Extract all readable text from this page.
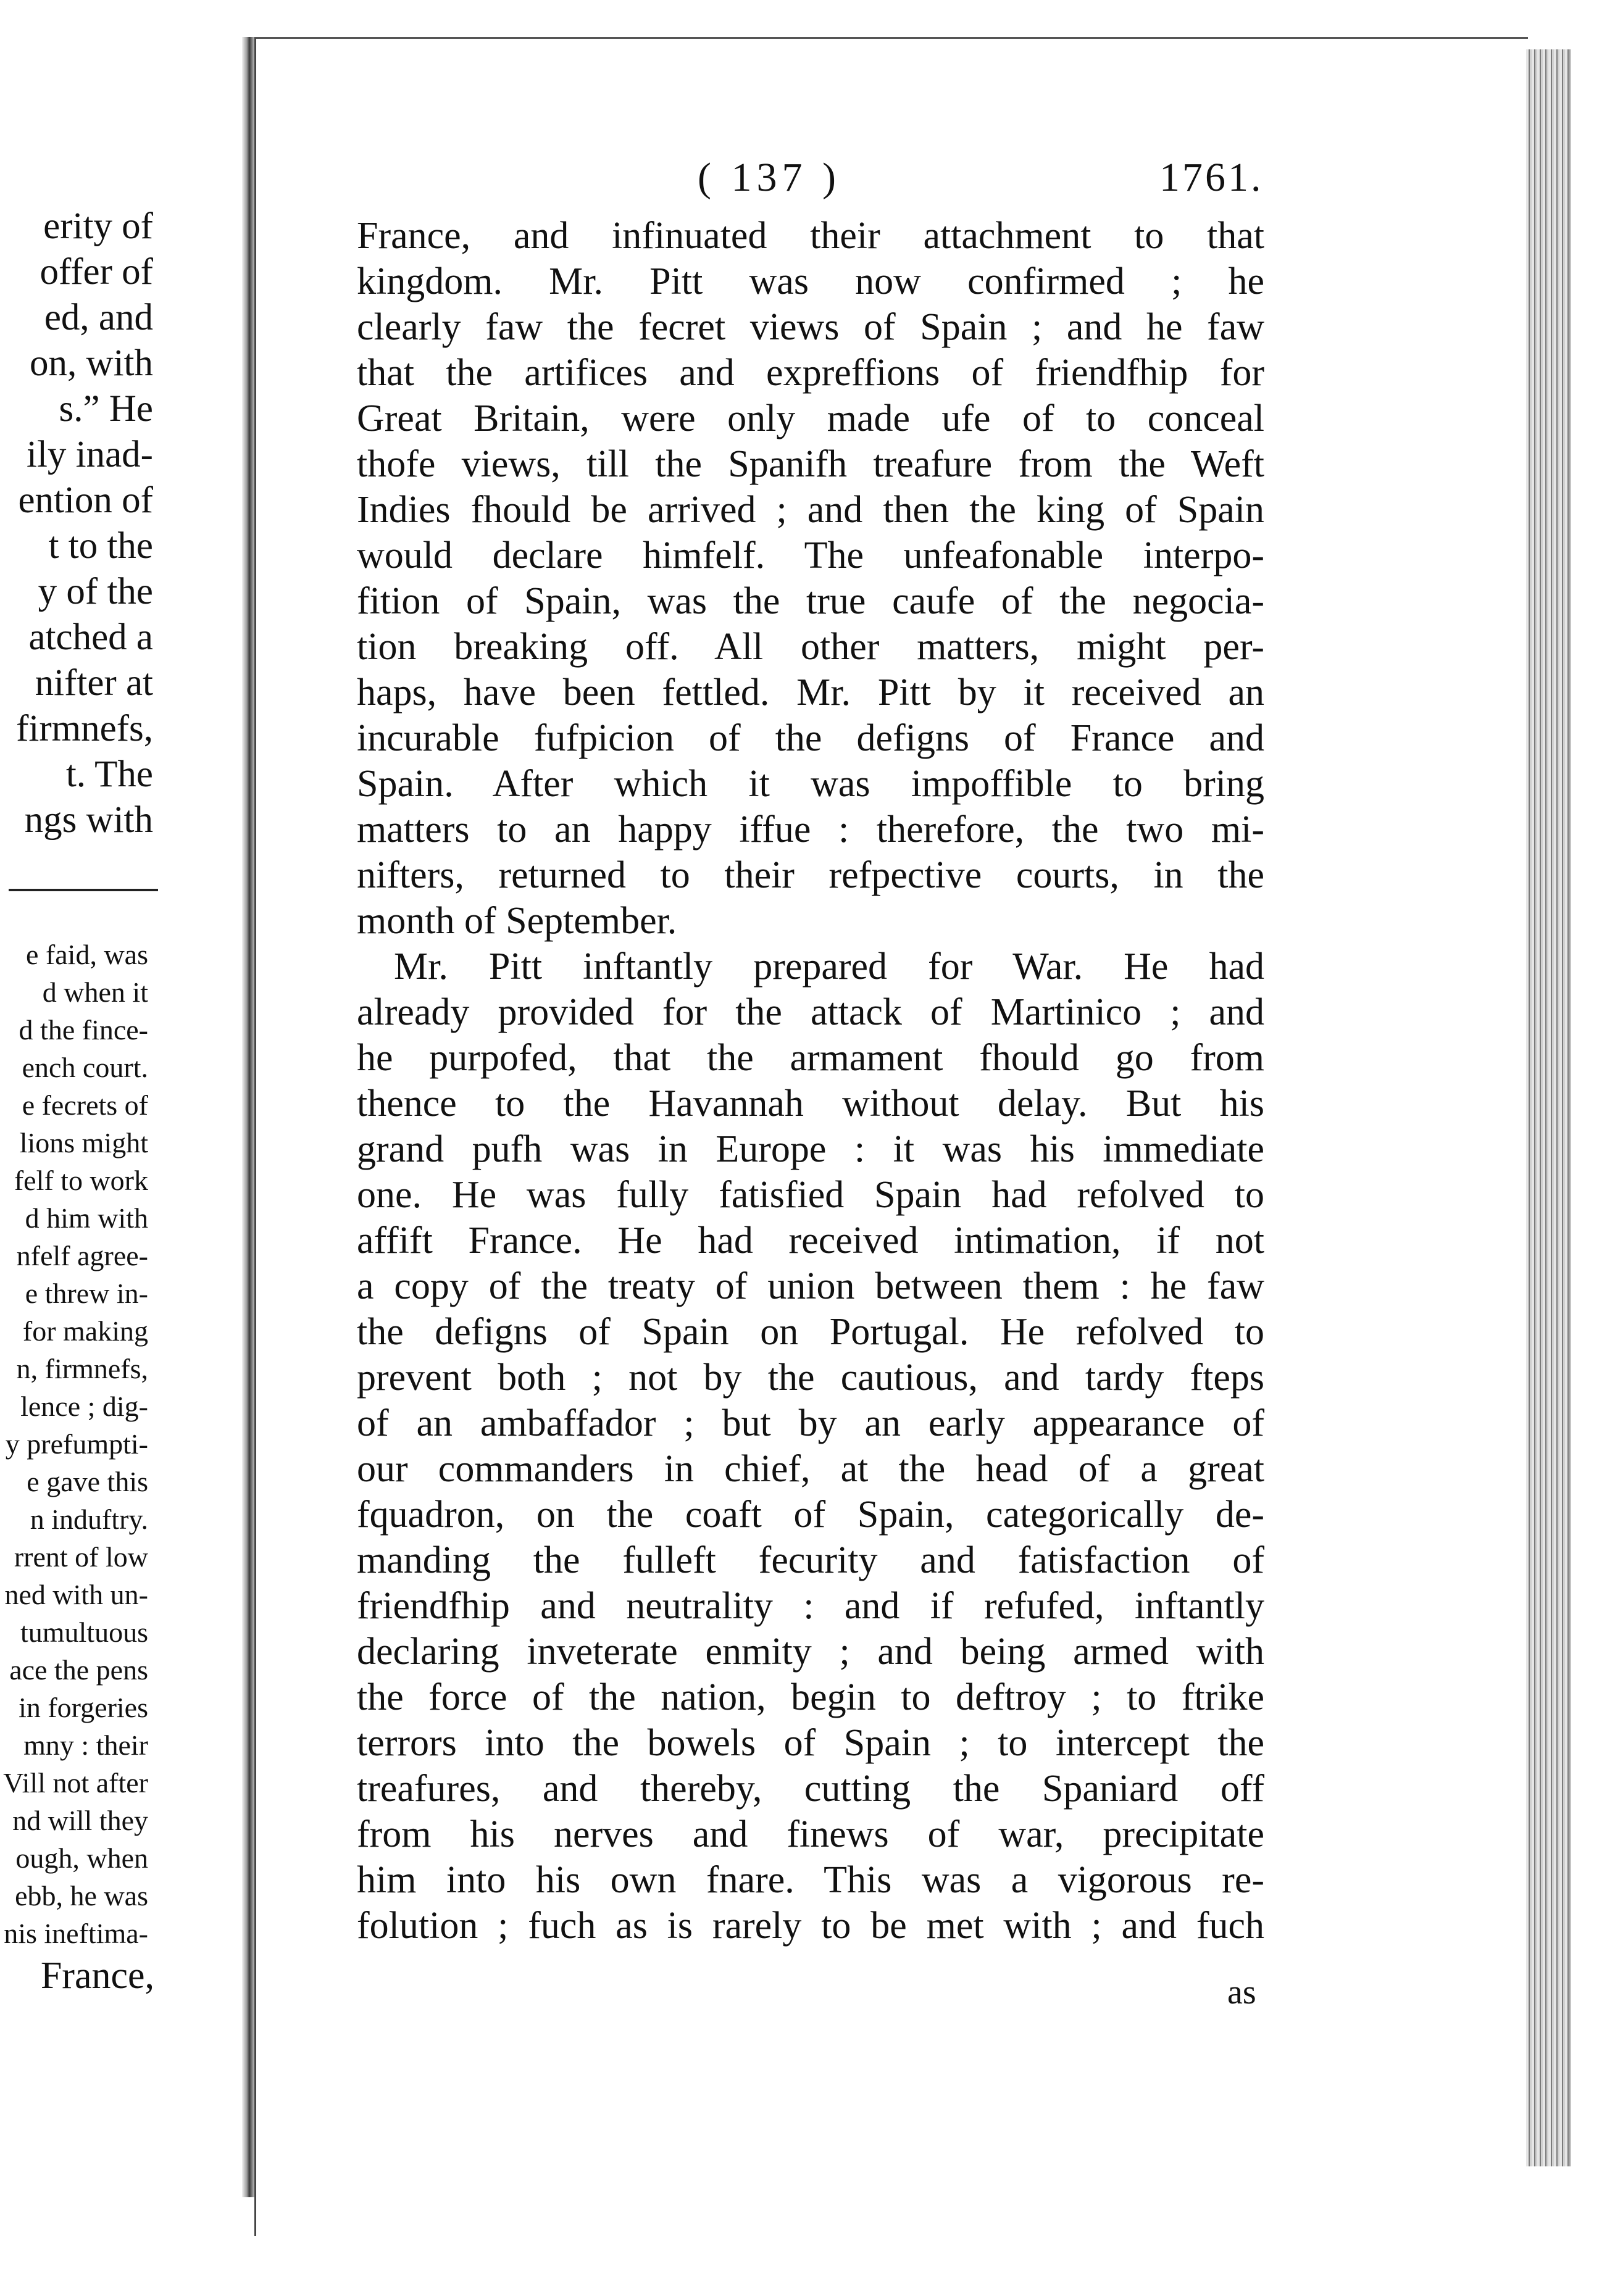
erity of
offer of
ed, and
on, with
s.” He
ily inad-
ention of
t to the
y of the
atched a
nifter at
firmnefs,
t. The
ngs with
e faid, was
d when it
d the fince-
ench court.
e fecrets of
lions might
felf to work
d him with
nfelf agree-
e threw in-
for making
n, firmnefs,
lence ; dig-
y prefumpti-
e gave this
n induftry.
rrent of low
ned with un-
tumultuous
ace the pens
in forgeries
mny : their
Vill not after
nd will they
ough, when
ebb, he was
nis ineftima-
France,
( 137 )	1761.
France, and infinuated their attachment to that
kingdom. Mr. Pitt was now confirmed ; he
clearly faw the fecret views of Spain ; and he faw
that the artifices and expreffions of friendfhip for
Great Britain, were only made ufe of to conceal
thofe views, till the Spanifh treafure from the Weft
Indies fhould be arrived ; and then the king of Spain
would declare himfelf. The unfeafonable interpo-
fition of Spain, was the true caufe of the negocia-
tion breaking off. All other matters, might per-
haps, have been fettled. Mr. Pitt by it received an
incurable fufpicion of the defigns of France and
Spain. After which it was impoffible to bring
matters to an happy iffue : therefore, the two mi-
nifters, returned to their refpective courts, in the
month of September.
Mr. Pitt inftantly prepared for War. He had
already provided for the attack of Martinico ; and
he purpofed, that the armament fhould go from
thence to the Havannah without delay. But his
grand pufh was in Europe : it was his immediate
one. He was fully fatisfied Spain had refolved to
affift France. He had received intimation, if not
a copy of the treaty of union between them : he faw
the defigns of Spain on Portugal. He refolved to
prevent both ; not by the cautious, and tardy fteps
of an ambaffador ; but by an early appearance of
our commanders in chief, at the head of a great
fquadron, on the coaft of Spain, categorically de-
manding the fulleft fecurity and fatisfaction of
friendfhip and neutrality : and if refufed, inftantly
declaring inveterate enmity ; and being armed with
the force of the nation, begin to deftroy ; to ftrike
terrors into the bowels of Spain ; to intercept the
treafures, and thereby, cutting the Spaniard off
from his nerves and finews of war, precipitate
him into his own fnare. This was a vigorous re-
folution ; fuch as is rarely to be met with ; and fuch
as
